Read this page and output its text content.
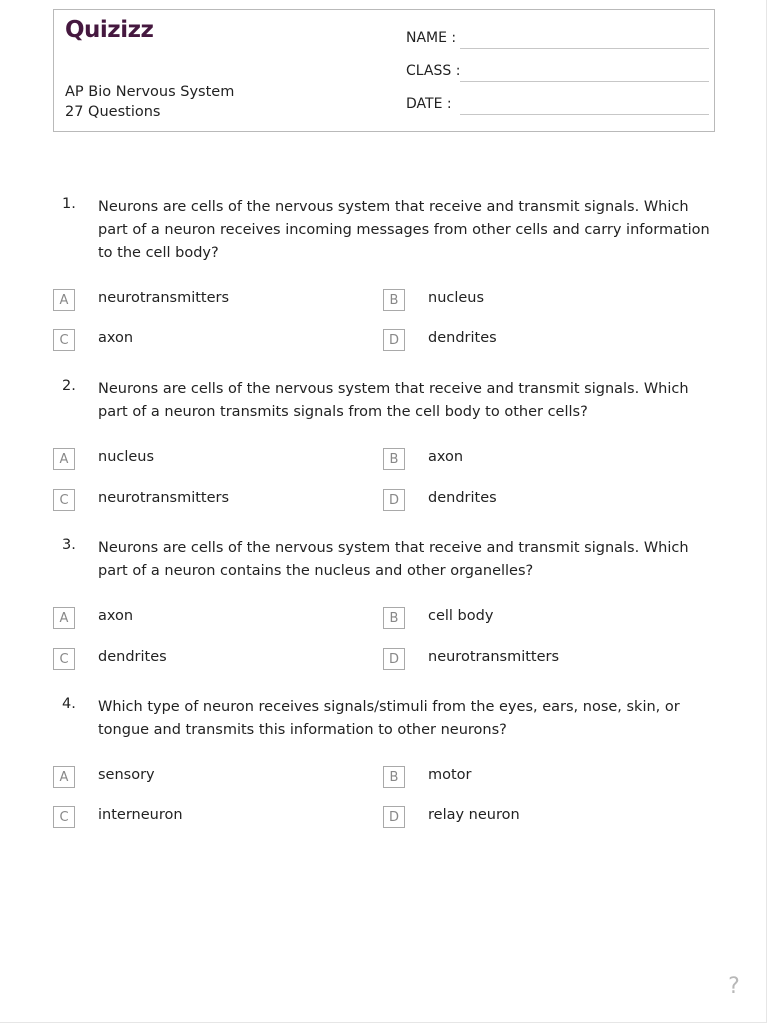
Quizizz
AP Bio Nervous System
27 Questions
NAME :
CLASS :
DATE :
1. Neurons are cells of the nervous system that receive and transmit signals. Which part of a neuron receives incoming messages from other cells and carry information to the cell body?
A	neurotransmitters	B	nucleus
C	axon	D	dendrites
2. Neurons are cells of the nervous system that receive and transmit signals. Which part of a neuron transmits signals from the cell body to other cells?
A	nucleus	B	axon
C	neurotransmitters	D	dendrites
3. Neurons are cells of the nervous system that receive and transmit signals. Which part of a neuron contains the nucleus and other organelles?
A	axon	B	cell body
C	dendrites	D	neurotransmitters
4. Which type of neuron receives signals/stimuli from the eyes, ears, nose, skin, or tongue and transmits this information to other neurons?
A	sensory	B	motor
C	interneuron	D	relay neuron
?
